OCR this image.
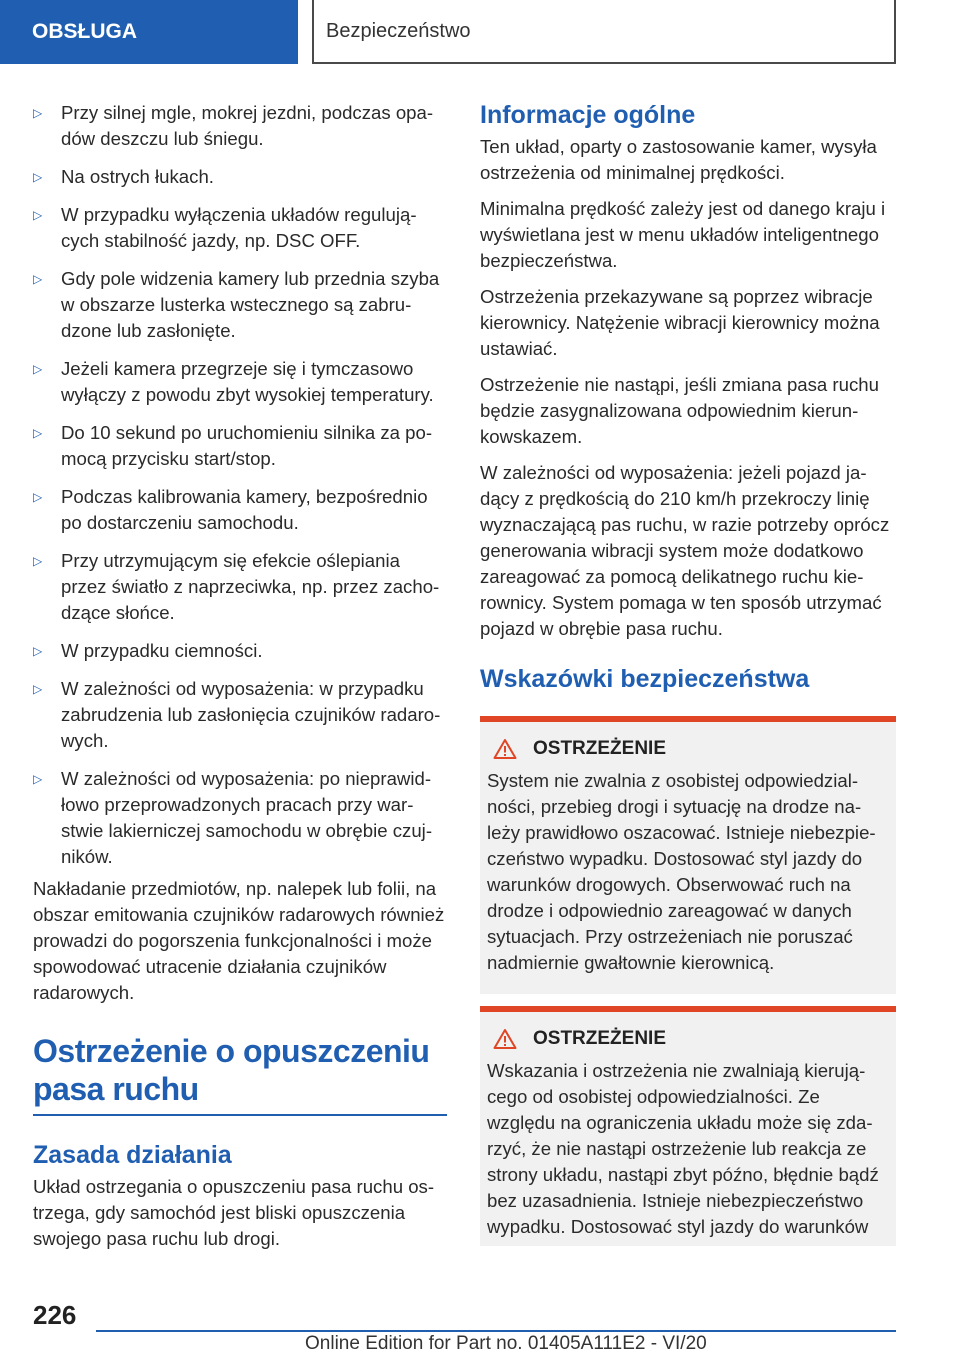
OBSŁUGA	Bezpieczeństwo
▷	Przy silnej mgle, mokrej jezdni, podczas opadów deszczu lub śniegu.
▷	Na ostrych łukach.
▷	W przypadku wyłączenia układów regulujących stabilność jazdy, np. DSC OFF.
▷	Gdy pole widzenia kamery lub przednia szyba w obszarze lusterka wstecznego są zabrudzone lub zasłonięte.
▷	Jeżeli kamera przegrzeje się i tymczasowo wyłączy z powodu zbyt wysokiej temperatury.
▷	Do 10 sekund po uruchomieniu silnika za pomocą przycisku start/stop.
▷	Podczas kalibrowania kamery, bezpośrednio po dostarczeniu samochodu.
▷	Przy utrzymującym się efekcie oślepiania przez światło z naprzeciwka, np. przez zachodzące słońce.
▷	W przypadku ciemności.
▷	W zależności od wyposażenia: w przypadku zabrudzenia lub zasłonięcia czujników radarowych.
▷	W zależności od wyposażenia: po nieprawidłowo przeprowadzonych pracach przy warstwie lakierniczej samochodu w obrębie czujników.

Nakładanie przedmiotów, np. nalepek lub folii, na obszar emitowania czujników radarowych również prowadzi do pogorszenia funkcjonalności i może spowodować utracenie działania czujników radarowych.

Ostrzeżenie o opuszczeniu pasa ruchu
Zasada działania

Układ ostrzegania o opuszczeniu pasa ruchu ostrzega, gdy samochód jest bliski opuszczenia swojego pasa ruchu lub drogi.

Informacje ogólne

Ten układ, oparty o zastosowanie kamer, wysyła ostrzeżenia od minimalnej prędkości.

Minimalna prędkość zależy jest od danego kraju i wyświetlana jest w menu układów inteligentnego bezpieczeństwa.

Ostrzeżenia przekazywane są poprzez wibracje kierownicy. Natężenie wibracji kierownicy można ustawiać.

Ostrzeżenie nie nastąpi, jeśli zmiana pasa ruchu będzie zasygnalizowana odpowiednim kierunkowskazem.

W zależności od wyposażenia: jeżeli pojazd jadący z prędkością do 210 km/h przekroczy linię wyznaczającą pas ruchu, w razie potrzeby oprócz generowania wibracji system może dodatkowo zareagować za pomocą delikatnego ruchu kierownicy. System pomaga w ten sposób utrzymać pojazd w obrębie pasa ruchu.

Wskazówki bezpieczeństwa
OSTRZEŻENIE

System nie zwalnia z osobistej odpowiedzialności, przebieg drogi i sytuację na drodze należy prawidłowo oszacować. Istnieje niebezpieczeństwo wypadku. Dostosować styl jazdy do warunków drogowych. Obserwować ruch na drodze i odpowiednio zareagować w danych sytuacjach. Przy ostrzeżeniach nie poruszać nadmiernie gwałtownie kierownicą.

OSTRZEŻENIE

Wskazania i ostrzeżenia nie zwalniają kierującego od osobistej odpowiedzialności. Ze względu na ograniczenia układu może się zdarzyć, że nie nastąpi ostrzeżenie lub reakcja ze strony układu, nastąpi zbyt późno, błędnie bądź bez uzasadnienia. Istnieje niebezpieczeństwo wypadku. Dostosować styl jazdy do warunków

226
Online Edition for Part no. 01405A111E2 - VI/20
